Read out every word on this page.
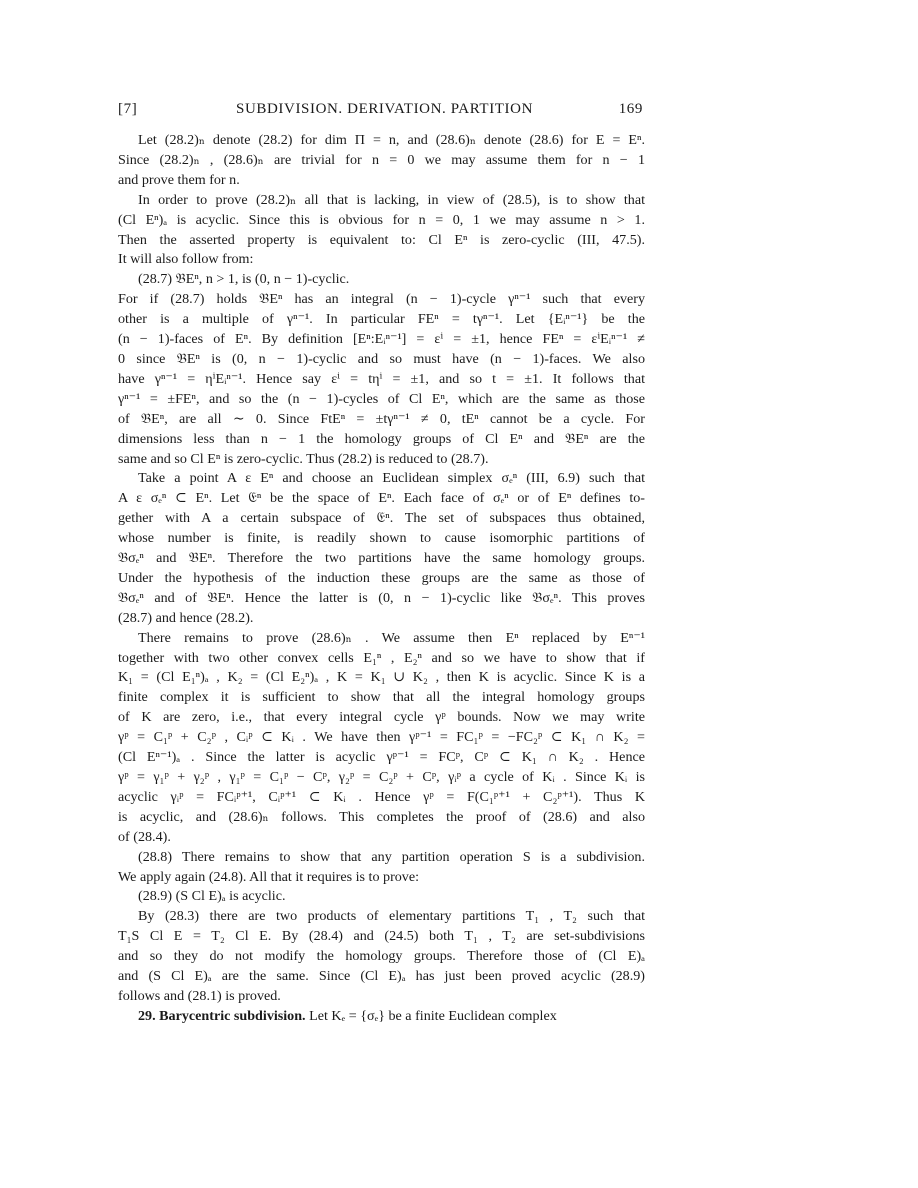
[7]	SUBDIVISION. DERIVATION. PARTITION	169
Let (28.2)ₙ denote (28.2) for dim Π = n, and (28.6)ₙ denote (28.6) for E = Eⁿ.
Since (28.2)ₙ , (28.6)ₙ are trivial for n = 0 we may assume them for n − 1
and prove them for n.
In order to prove (28.2)ₙ all that is lacking, in view of (28.5), is to show that
(Cl Eⁿ)ₐ is acyclic. Since this is obvious for n = 0, 1 we may assume n > 1.
Then the asserted property is equivalent to: Cl Eⁿ is zero-cyclic (III, 47.5).
It will also follow from:
(28.7) 𝔅Eⁿ, n > 1, is (0, n − 1)-cyclic.
For if (28.7) holds 𝔅Eⁿ has an integral (n − 1)-cycle γⁿ⁻¹ such that every
other is a multiple of γⁿ⁻¹. In particular FEⁿ = tγⁿ⁻¹. Let {Eᵢⁿ⁻¹} be the
(n − 1)-faces of Eⁿ. By definition [Eⁿ:Eᵢⁿ⁻¹] = εⁱ = ±1, hence FEⁿ = εⁱEᵢⁿ⁻¹ ≠
0 since 𝔅Eⁿ is (0, n − 1)-cyclic and so must have (n − 1)-faces. We also
have γⁿ⁻¹ = ηⁱEᵢⁿ⁻¹. Hence say εⁱ = tηⁱ = ±1, and so t = ±1. It follows that
γⁿ⁻¹ = ±FEⁿ, and so the (n − 1)-cycles of Cl Eⁿ, which are the same as those
of 𝔅Eⁿ, are all ∼ 0. Since FtEⁿ = ±tγⁿ⁻¹ ≠ 0, tEⁿ cannot be a cycle. For
dimensions less than n − 1 the homology groups of Cl Eⁿ and 𝔅Eⁿ are the
same and so Cl Eⁿ is zero-cyclic. Thus (28.2) is reduced to (28.7).
Take a point A ε Eⁿ and choose an Euclidean simplex σₑⁿ (III, 6.9) such that
A ε σₑⁿ ⊂ Eⁿ. Let 𝔈ⁿ be the space of Eⁿ. Each face of σₑⁿ or of Eⁿ defines to-
gether with A a certain subspace of 𝔈ⁿ. The set of subspaces thus obtained,
whose number is finite, is readily shown to cause isomorphic partitions of
𝔅σₑⁿ and 𝔅Eⁿ. Therefore the two partitions have the same homology groups.
Under the hypothesis of the induction these groups are the same as those of
𝔅σₑⁿ and of 𝔅Eⁿ. Hence the latter is (0, n − 1)-cyclic like 𝔅σₑⁿ. This proves
(28.7) and hence (28.2).
There remains to prove (28.6)ₙ . We assume then Eⁿ replaced by Eⁿ⁻¹
together with two other convex cells E₁ⁿ , E₂ⁿ and so we have to show that if
K₁ = (Cl E₁ⁿ)ₐ , K₂ = (Cl E₂ⁿ)ₐ , K = K₁ ∪ K₂ , then K is acyclic. Since K is a
finite complex it is sufficient to show that all the integral homology groups
of K are zero, i.e., that every integral cycle γᵖ bounds. Now we may write
γᵖ = C₁ᵖ + C₂ᵖ , Cᵢᵖ ⊂ Kᵢ . We have then γᵖ⁻¹ = FC₁ᵖ = −FC₂ᵖ ⊂ K₁ ∩ K₂ =
(Cl Eⁿ⁻¹)ₐ . Since the latter is acyclic γᵖ⁻¹ = FCᵖ, Cᵖ ⊂ K₁ ∩ K₂ . Hence
γᵖ = γ₁ᵖ + γ₂ᵖ , γ₁ᵖ = C₁ᵖ − Cᵖ, γ₂ᵖ = C₂ᵖ + Cᵖ, γᵢᵖ a cycle of Kᵢ . Since Kᵢ is
acyclic γᵢᵖ = FCᵢᵖ⁺¹, Cᵢᵖ⁺¹ ⊂ Kᵢ . Hence γᵖ = F(C₁ᵖ⁺¹ + C₂ᵖ⁺¹). Thus K
is acyclic, and (28.6)ₙ follows. This completes the proof of (28.6) and also
of (28.4).
(28.8) There remains to show that any partition operation S is a subdivision.
We apply again (24.8). All that it requires is to prove:
(28.9) (S Cl E)ₐ is acyclic.
By (28.3) there are two products of elementary partitions T₁ , T₂ such that
T₁S Cl E = T₂ Cl E. By (28.4) and (24.5) both T₁ , T₂ are set-subdivisions
and so they do not modify the homology groups. Therefore those of (Cl E)ₐ
and (S Cl E)ₐ are the same. Since (Cl E)ₐ has just been proved acyclic (28.9)
follows and (28.1) is proved.
29. Barycentric subdivision. Let Kₑ = {σₑ} be a finite Euclidean complex
